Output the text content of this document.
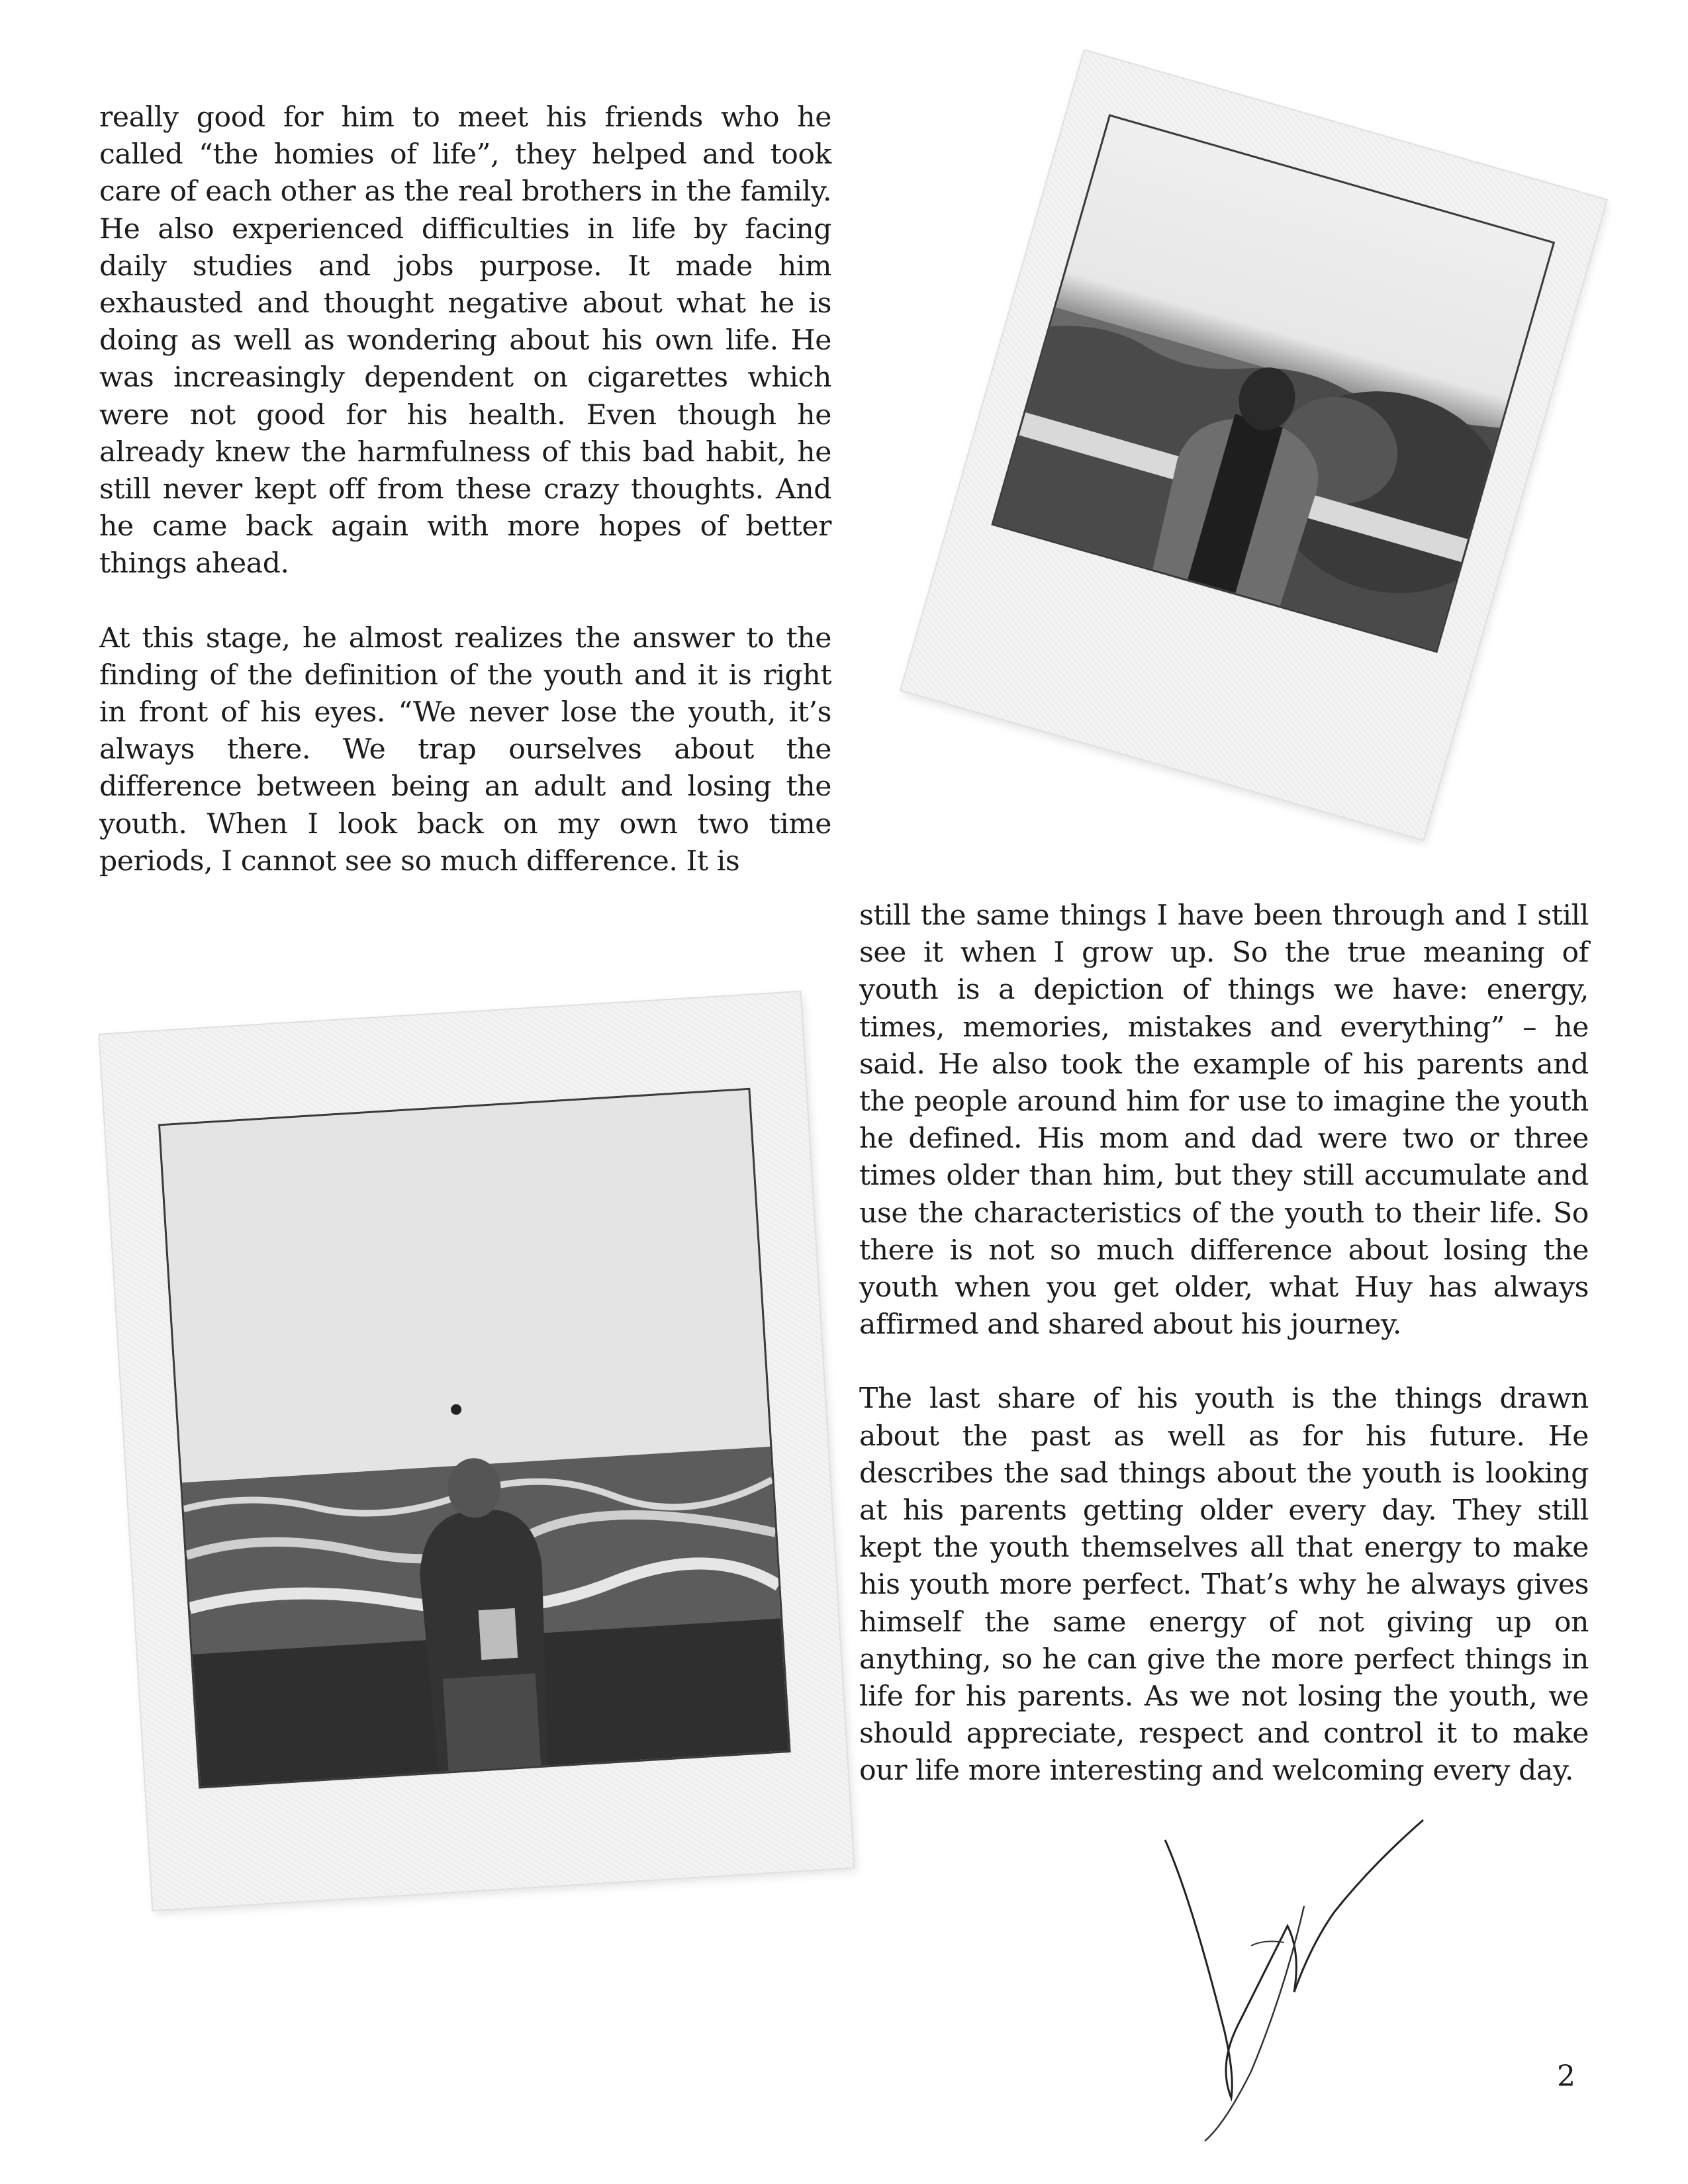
really good for him to meet his friends who he called “the homies of life”, they helped and took care of each other as the real brothers in the family. He also experienced difficulties in life by facing daily studies and jobs purpose. It made him exhausted and thought negative about what he is doing as well as wondering about his own life. He was increasingly dependent on cigarettes which were not good for his health. Even though he already knew the harmfulness of this bad habit, he still never kept off from these crazy thoughts. And he came back again with more hopes of better things ahead.

At this stage, he almost realizes the answer to the finding of the definition of the youth and it is right in front of his eyes. “We never lose the youth, it’s always there. We trap ourselves about the difference between being an adult and losing the youth. When I look back on my own two time periods, I cannot see so much difference. It is

still the same things I have been through and I still see it when I grow up. So the true meaning of youth is a depiction of things we have: energy, times, memories, mistakes and everything” – he said. He also took the example of his parents and the people around him for use to imagine the youth he defined. His mom and dad were two or three times older than him, but they still accumulate and use the characteristics of the youth to their life. So there is not so much difference about losing the youth when you get older, what Huy has always affirmed and shared about his journey.

The last share of his youth is the things drawn about the past as well as for his future. He describes the sad things about the youth is looking at his parents getting older every day. They still kept the youth themselves all that energy to make his youth more perfect. That’s why he always gives himself the same energy of not giving up on anything, so he can give the more perfect things in life for his parents. As we not losing the youth, we should appreciate, respect and control it to make our life more interesting and welcoming every day.

2
